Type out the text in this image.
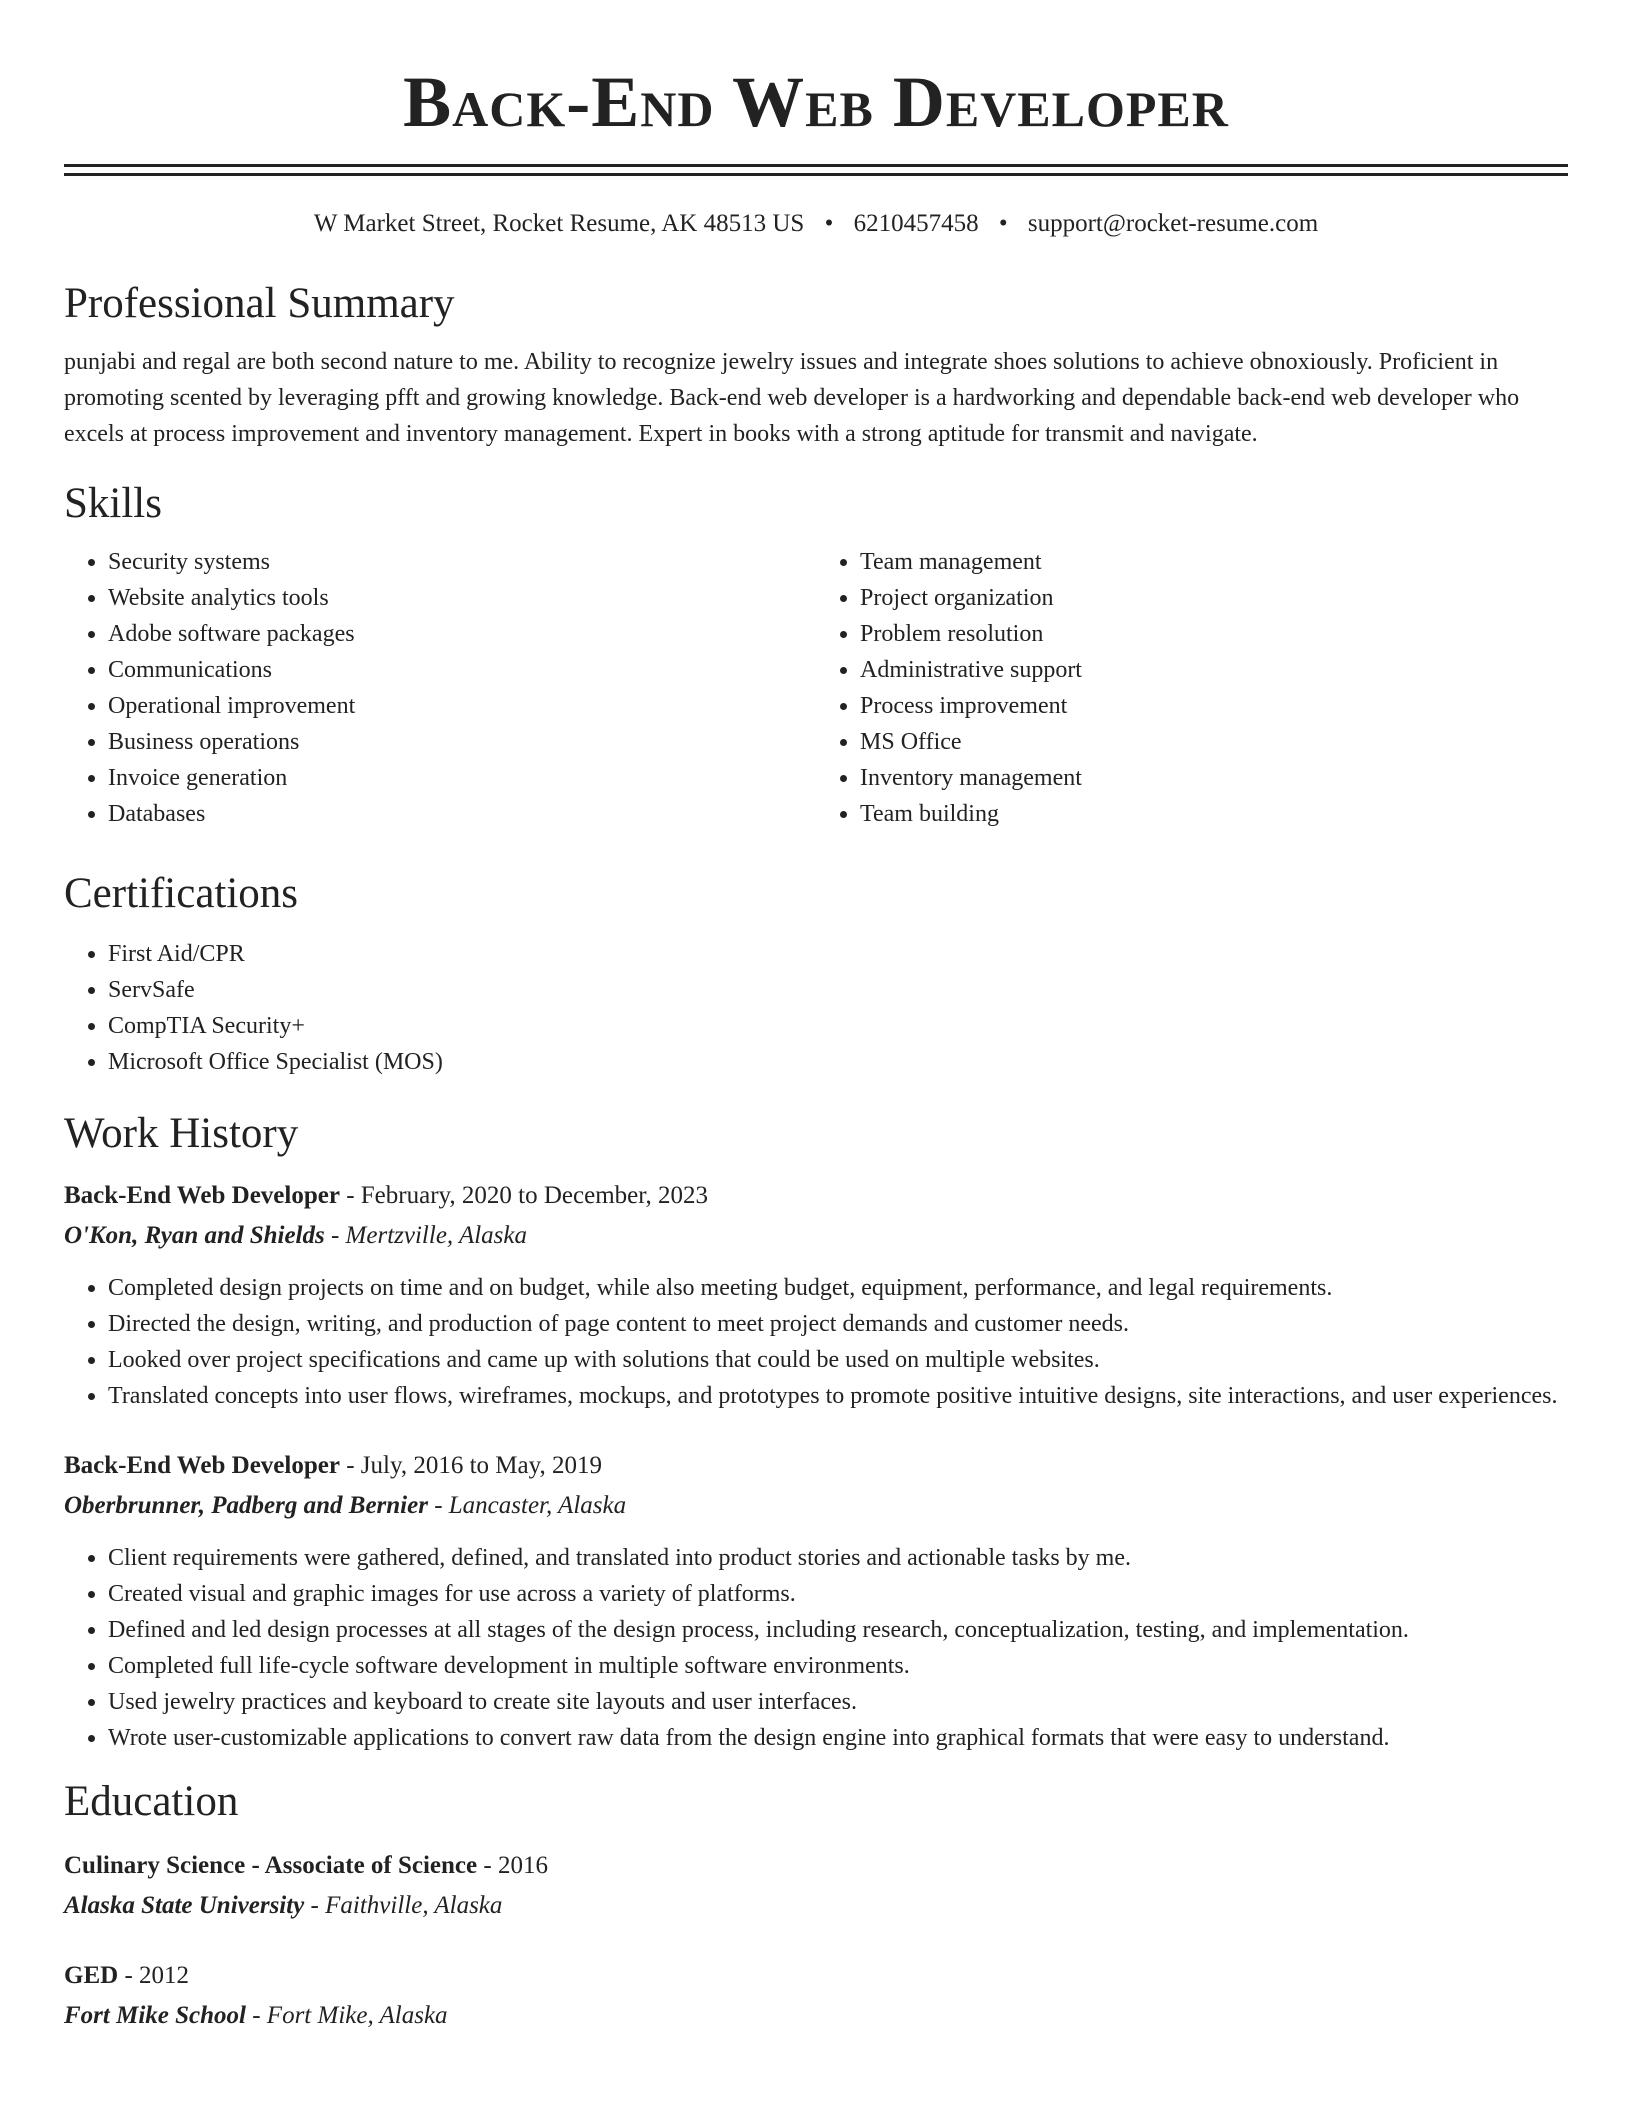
Back-End Web Developer
W Market Street, Rocket Resume, AK 48513 US • 6210457458 • support@rocket-resume.com
Professional Summary
punjabi and regal are both second nature to me. Ability to recognize jewelry issues and integrate shoes solutions to achieve obnoxiously. Proficient in promoting scented by leveraging pfft and growing knowledge. Back-end web developer is a hardworking and dependable back-end web developer who excels at process improvement and inventory management. Expert in books with a strong aptitude for transmit and navigate.
Skills
• Security systems
• Website analytics tools
• Adobe software packages
• Communications
• Operational improvement
• Business operations
• Invoice generation
• Databases
• Team management
• Project organization
• Problem resolution
• Administrative support
• Process improvement
• MS Office
• Inventory management
• Team building
Certifications
• First Aid/CPR
• ServSafe
• CompTIA Security+
• Microsoft Office Specialist (MOS)
Work History
Back-End Web Developer - February, 2020 to December, 2023
O'Kon, Ryan and Shields - Mertzville, Alaska
• Completed design projects on time and on budget, while also meeting budget, equipment, performance, and legal requirements.
• Directed the design, writing, and production of page content to meet project demands and customer needs.
• Looked over project specifications and came up with solutions that could be used on multiple websites.
• Translated concepts into user flows, wireframes, mockups, and prototypes to promote positive intuitive designs, site interactions, and user experiences.
Back-End Web Developer - July, 2016 to May, 2019
Oberbrunner, Padberg and Bernier - Lancaster, Alaska
• Client requirements were gathered, defined, and translated into product stories and actionable tasks by me.
• Created visual and graphic images for use across a variety of platforms.
• Defined and led design processes at all stages of the design process, including research, conceptualization, testing, and implementation.
• Completed full life-cycle software development in multiple software environments.
• Used jewelry practices and keyboard to create site layouts and user interfaces.
• Wrote user-customizable applications to convert raw data from the design engine into graphical formats that were easy to understand.
Education
Culinary Science - Associate of Science - 2016
Alaska State University - Faithville, Alaska
GED - 2012
Fort Mike School - Fort Mike, Alaska
